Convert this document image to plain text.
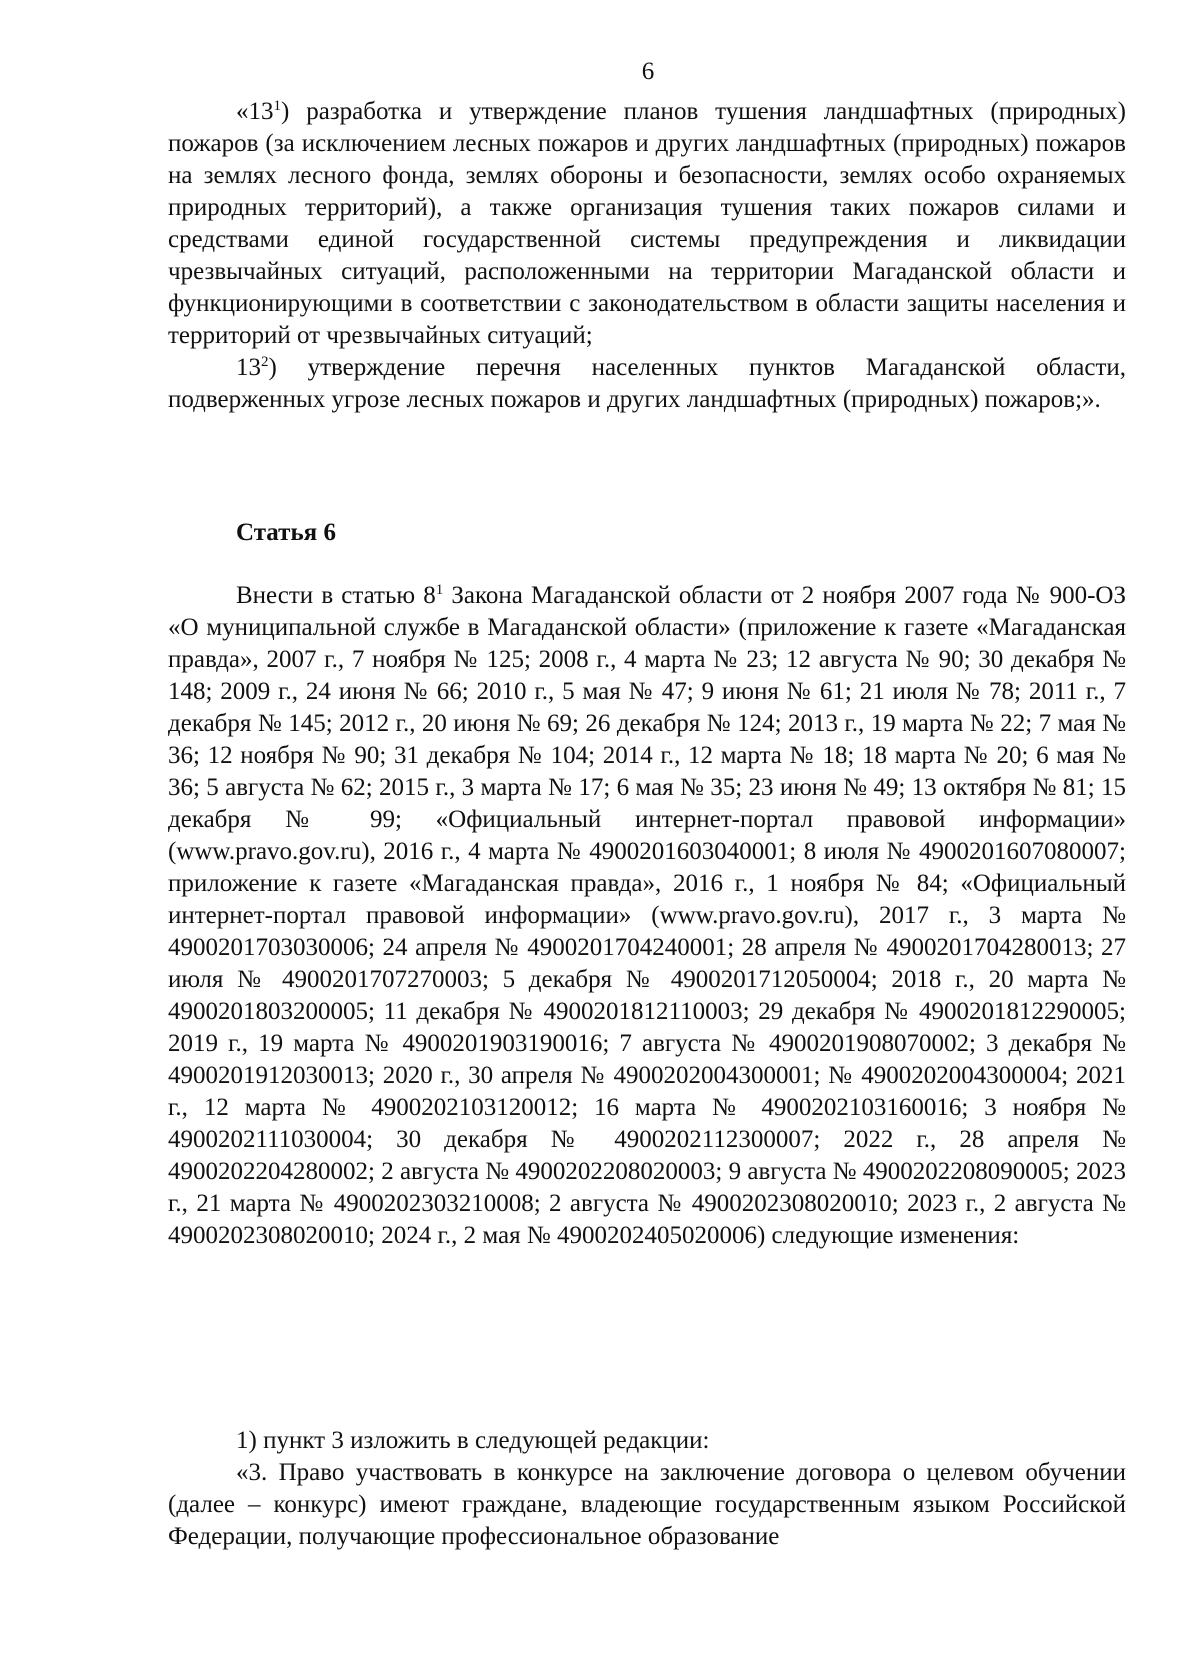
6

«$13^1$) разработка и утверждение планов тушения ландшафтных (природных) пожаров (за исключением лесных пожаров и других ландшафтных (природных) пожаров на землях лесного фонда, землях обороны и безопасности, землях особо охраняемых природных территорий), а также организация тушения таких пожаров силами и средствами единой государственной системы предупреждения и ликвидации чрезвычайных ситуаций, расположенными на территории Магаданской области и функционирующими в соответствии с законодательством в области защиты населения и территорий от чрезвычайных ситуаций;

$13^2$) утверждение перечня населенных пунктов Магаданской области, подверженных угрозе лесных пожаров и других ландшафтных (природных) пожаров;».

Статья 6

Внести в статью $8^1$ Закона Магаданской области от 2 ноября 2007 года № 900-ОЗ «О муниципальной службе в Магаданской области» (приложение к газете «Магаданская правда», 2007 г., 7 ноября № 125; 2008 г., 4 марта № 23; 12 августа № 90; 30 декабря № 148; 2009 г., 24 июня № 66; 2010 г., 5 мая № 47; 9 июня № 61; 21 июля № 78; 2011 г., 7 декабря № 145; 2012 г., 20 июня № 69; 26 декабря № 124; 2013 г., 19 марта № 22; 7 мая № 36; 12 ноября № 90; 31 декабря № 104; 2014 г., 12 марта № 18; 18 марта № 20; 6 мая № 36; 5 августа № 62; 2015 г., 3 марта № 17; 6 мая № 35; 23 июня № 49; 13 октября № 81; 15 декабря № 99; «Официальный интернет-портал правовой информации» (www.pravo.gov.ru), 2016 г., 4 марта № 4900201603040001; 8 июля № 4900201607080007; приложение к газете «Магаданская правда», 2016 г., 1 ноября № 84; «Официальный интернет-портал правовой информации» (www.pravo.gov.ru), 2017 г., 3 марта № 4900201703030006; 24 апреля № 4900201704240001; 28 апреля № 4900201704280013; 27 июля № 4900201707270003; 5 декабря № 4900201712050004; 2018 г., 20 марта № 4900201803200005; 11 декабря № 4900201812110003; 29 декабря № 4900201812290005; 2019 г., 19 марта № 4900201903190016; 7 августа № 4900201908070002; 3 декабря № 4900201912030013; 2020 г., 30 апреля № 4900202004300001; № 4900202004300004; 2021 г., 12 марта № 4900202103120012; 16 марта № 4900202103160016; 3 ноября № 4900202111030004; 30 декабря № 4900202112300007; 2022 г., 28 апреля № 4900202204280002; 2 августа № 4900202208020003; 9 августа № 4900202208090005; 2023 г., 21 марта № 4900202303210008; 2 августа № 4900202308020010; 2023 г., 2 августа № 4900202308020010; 2024 г., 2 мая № 4900202405020006) следующие изменения:

1) пункт 3 изложить в следующей редакции:

«3. Право участвовать в конкурсе на заключение договора о целевом обучении (далее – конкурс) имеют граждане, владеющие государственным языком Российской Федерации, получающие профессиональное образование
